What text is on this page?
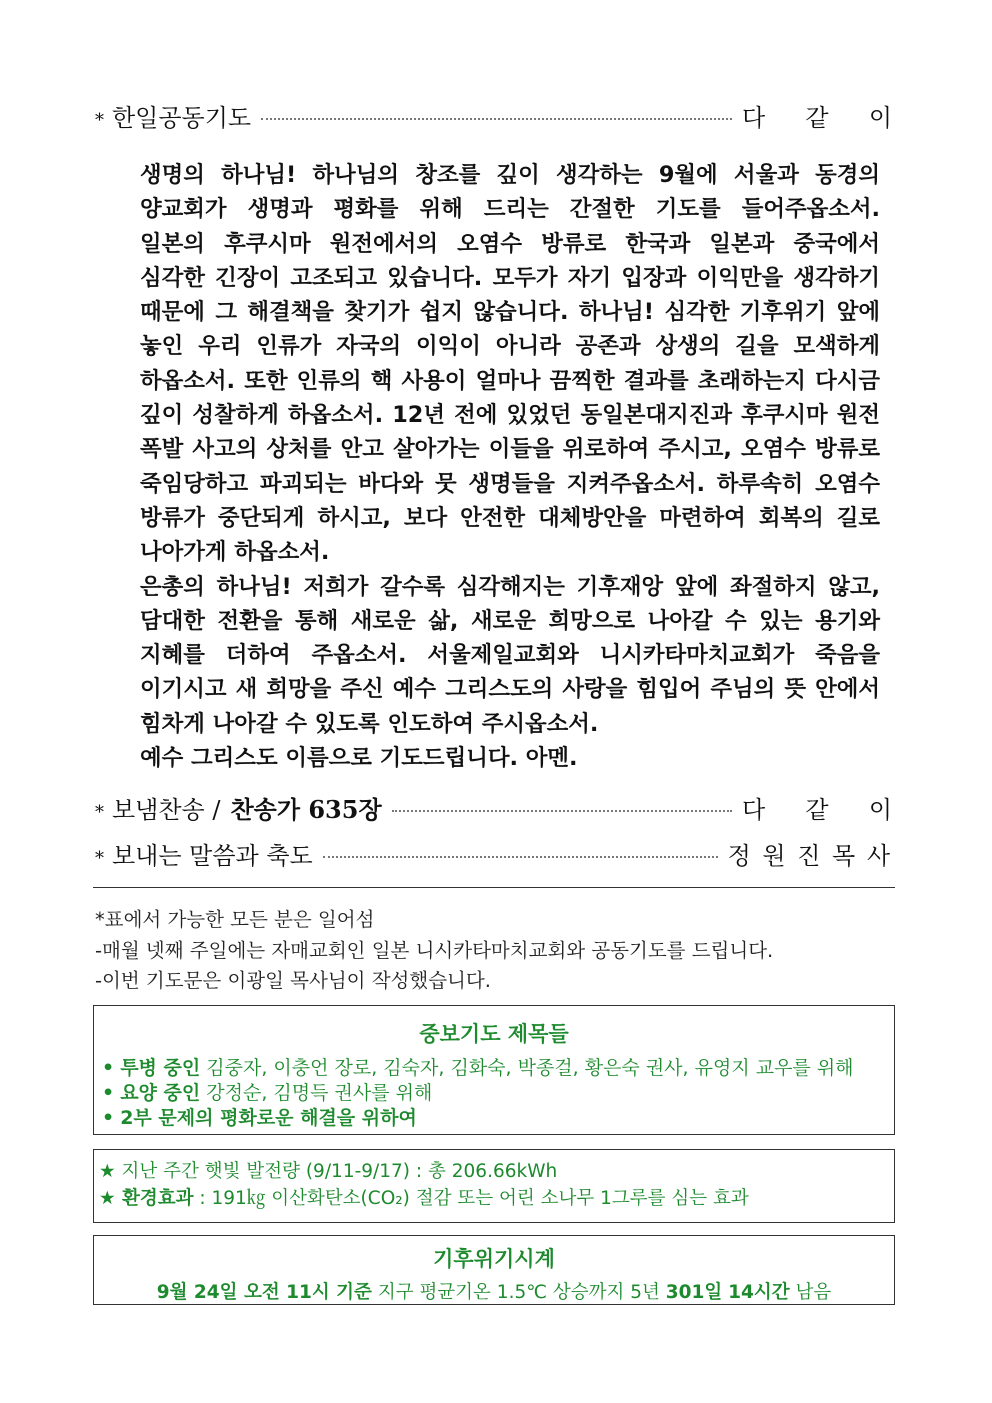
* 한일공동기도	다 같 이
생명의 하나님! 하나님의 창조를 깊이 생각하는 9월에 서울과 동경의
양교회가 생명과 평화를 위해 드리는 간절한 기도를 들어주옵소서.
일본의 후쿠시마 원전에서의 오염수 방류로 한국과 일본과 중국에서
심각한 긴장이 고조되고 있습니다. 모두가 자기 입장과 이익만을 생각하기
때문에 그 해결책을 찾기가 쉽지 않습니다. 하나님! 심각한 기후위기 앞에
놓인 우리 인류가 자국의 이익이 아니라 공존과 상생의 길을 모색하게
하옵소서. 또한 인류의 핵 사용이 얼마나 끔찍한 결과를 초래하는지 다시금
깊이 성찰하게 하옵소서. 12년 전에 있었던 동일본대지진과 후쿠시마 원전
폭발 사고의 상처를 안고 살아가는 이들을 위로하여 주시고, 오염수 방류로
죽임당하고 파괴되는 바다와 뭇 생명들을 지켜주옵소서. 하루속히 오염수
방류가 중단되게 하시고, 보다 안전한 대체방안을 마련하여 회복의 길로
나아가게 하옵소서.
은총의 하나님! 저희가 갈수록 심각해지는 기후재앙 앞에 좌절하지 않고,
담대한 전환을 통해 새로운 삶, 새로운 희망으로 나아갈 수 있는 용기와
지혜를 더하여 주옵소서. 서울제일교회와 니시카타마치교회가 죽음을
이기시고 새 희망을 주신 예수 그리스도의 사랑을 힘입어 주님의 뜻 안에서
힘차게 나아갈 수 있도록 인도하여 주시옵소서.
예수 그리스도 이름으로 기도드립니다. 아멘.
* 보냄찬송 / 찬송가 635장	다 같 이
* 보내는 말씀과 축도	정 원 진 목 사
*표에서 가능한 모든 분은 일어섬
-매월 넷째 주일에는 자매교회인 일본 니시카타마치교회와 공동기도를 드립니다.
-이번 기도문은 이광일 목사님이 작성했습니다.
중보기도 제목들
• 투병 중인 김중자, 이충언 장로, 김숙자, 김화숙, 박종걸, 황은숙 권사, 유영지 교우를 위해
• 요양 중인 강정순, 김명득 권사를 위해
• 2부 문제의 평화로운 해결을 위하여
★ 지난 주간 햇빛 발전량 (9/11-9/17) : 총 206.66kWh
★ 환경효과 : 191㎏ 이산화탄소(CO₂) 절감 또는 어린 소나무 1그루를 심는 효과
기후위기시계
9월 24일 오전 11시 기준 지구 평균기온 1.5℃ 상승까지 5년 301일 14시간 남음
